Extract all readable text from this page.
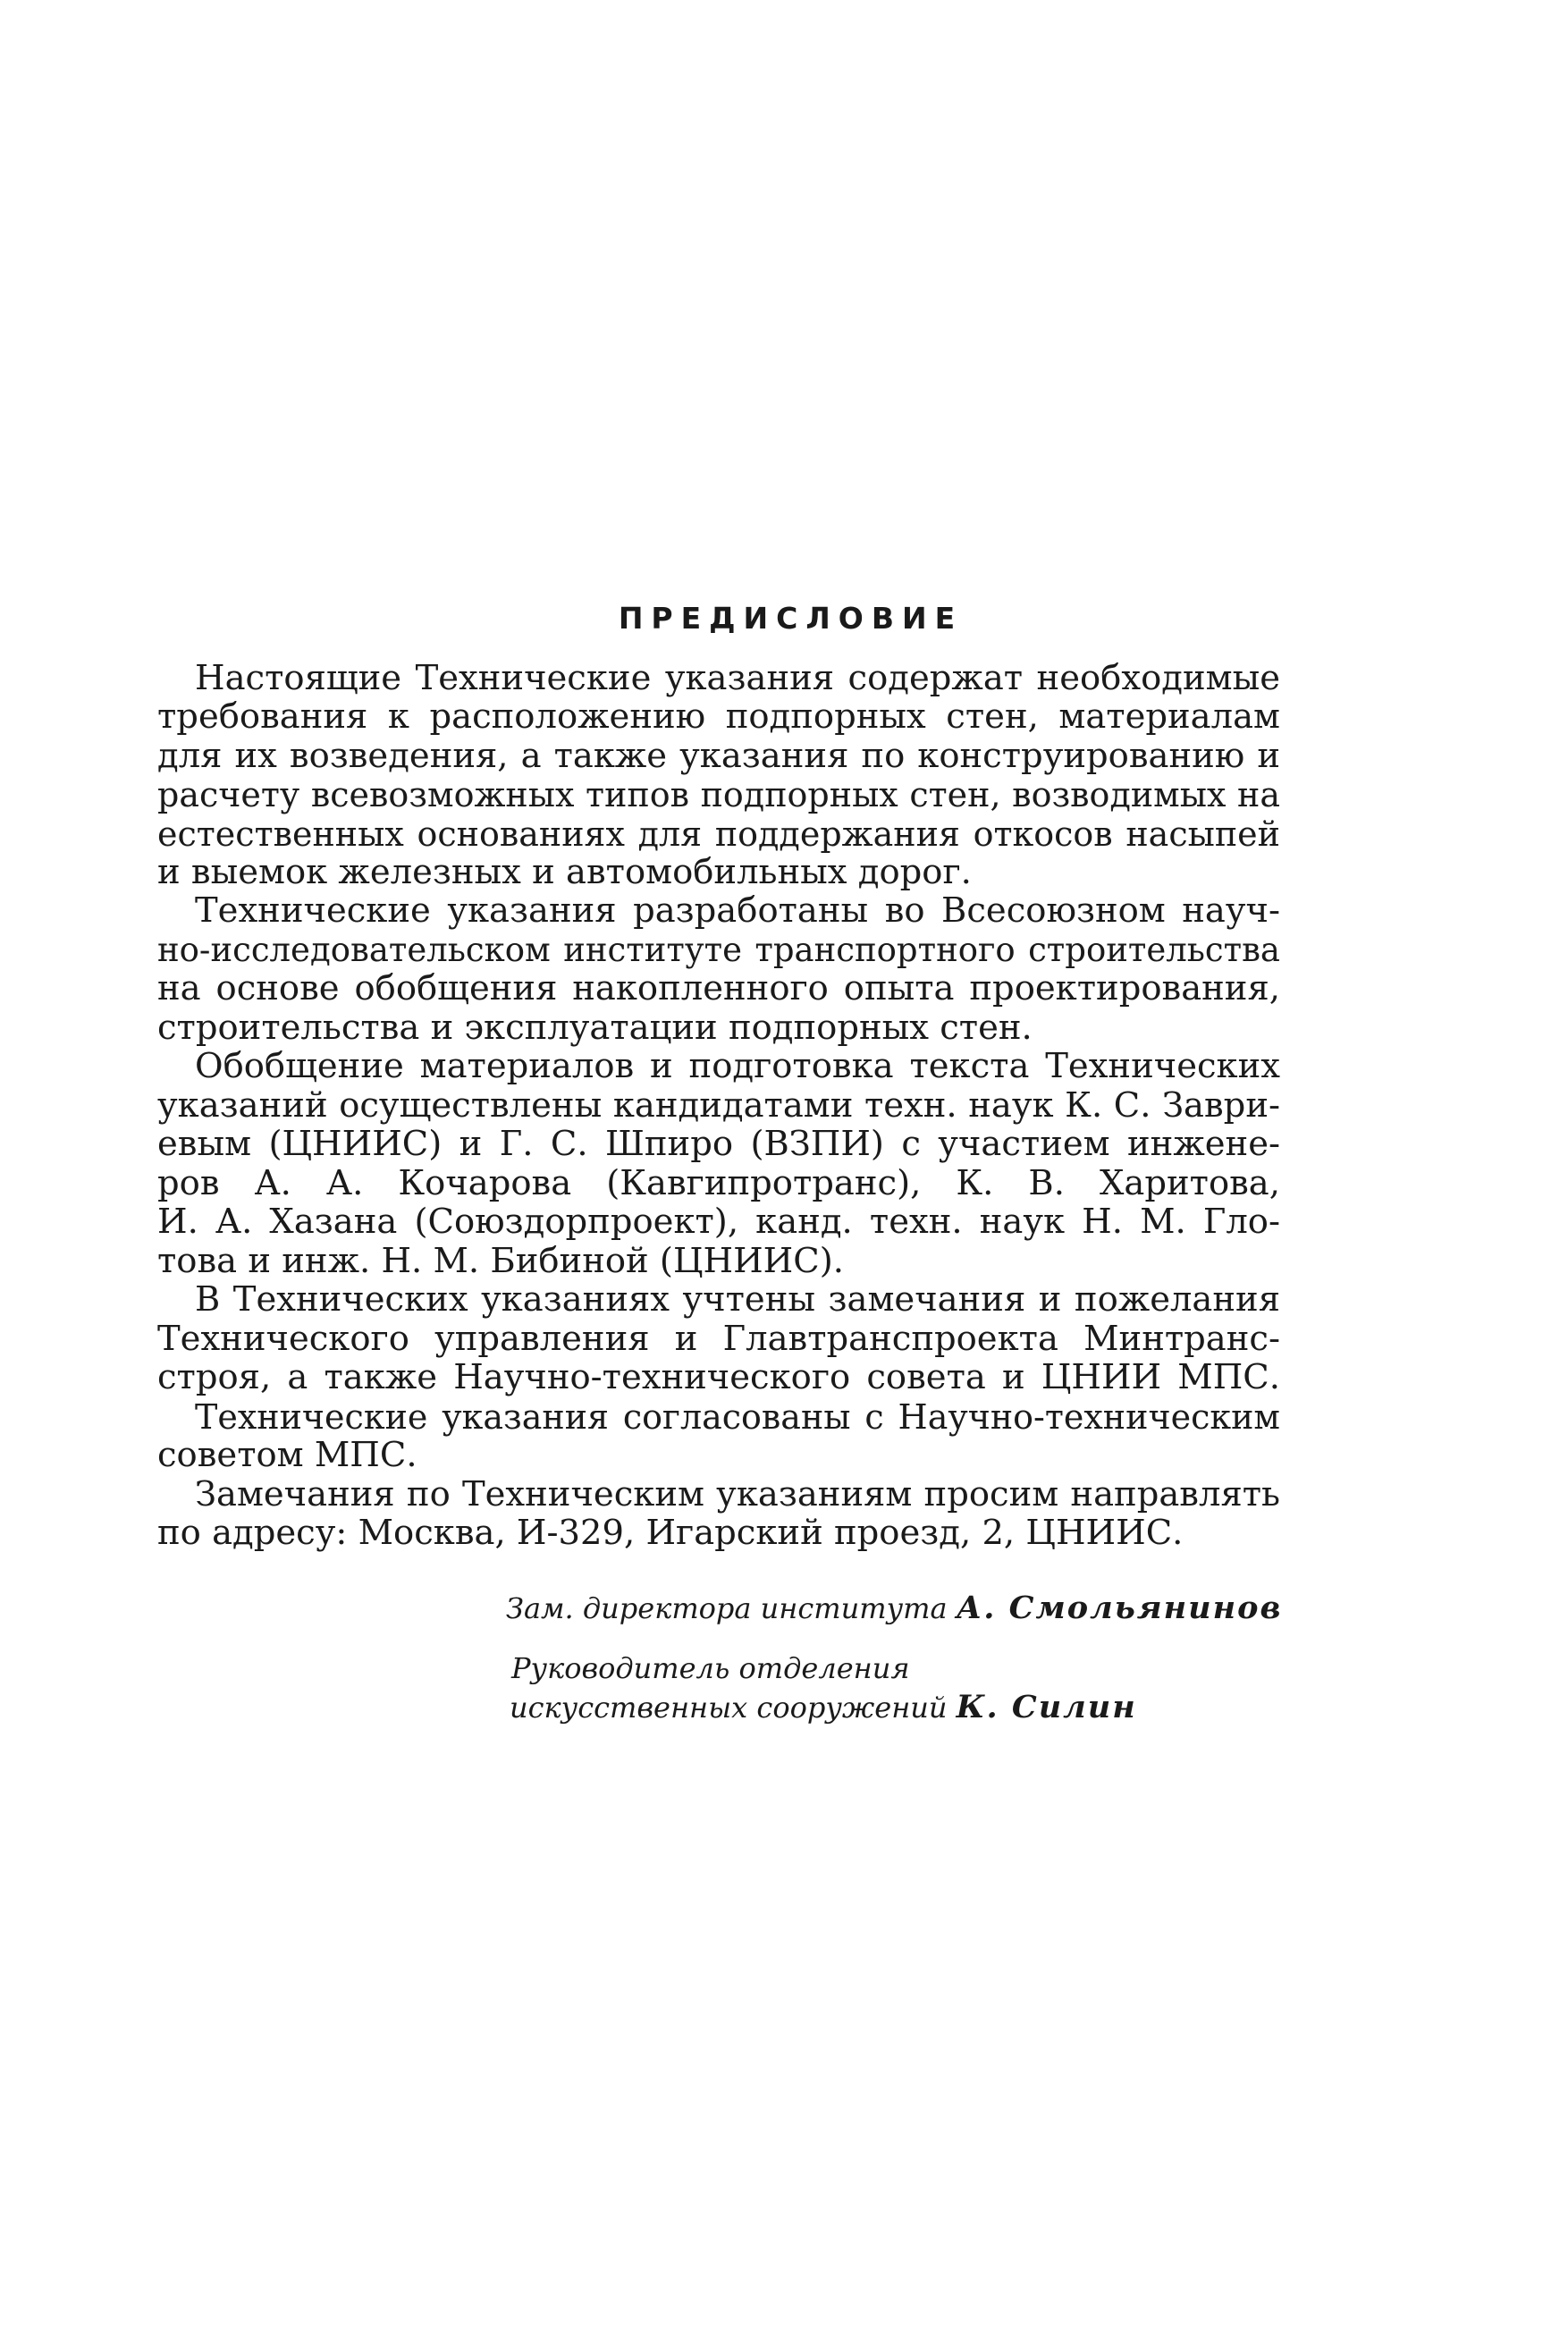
ПРЕДИСЛОВИЕ
Настоящие Технические указания содержат необходимые
требования к расположению подпорных стен, материалам
для их возведения, а также указания по конструированию и
расчету всевозможных типов подпорных стен, возводимых на
естественных основаниях для поддержания откосов насыпей
и выемок железных и автомобильных дорог.
Технические указания разработаны во Всесоюзном науч-
но-исследовательском институте транспортного строительства
на основе обобщения накопленного опыта проектирования,
строительства и эксплуатации подпорных стен.
Обобщение материалов и подготовка текста Технических
указаний осуществлены кандидатами техн. наук К. С. Заври-
евым (ЦНИИС) и Г. С. Шпиро (ВЗПИ) с участием инжене-
ров А. А. Кочарова (Кавгипротранс), К. В. Харитова,
И. А. Хазана (Союздорпроект), канд. техн. наук Н. М. Гло-
това и инж. Н. М. Бибиной (ЦНИИС).
В Технических указаниях учтены замечания и пожелания
Технического управления и Главтранспроекта Минтранс-
строя, а также Научно-технического совета и ЦНИИ МПС.
Технические указания согласованы с Научно-техническим
советом МПС.
Замечания по Техническим указаниям просим направлять
по адресу: Москва, И-329, Игарский проезд, 2, ЦНИИС.
Зам. директора института А. Смольянинов
Руководитель отделения
искусственных сооружений К. Силин
